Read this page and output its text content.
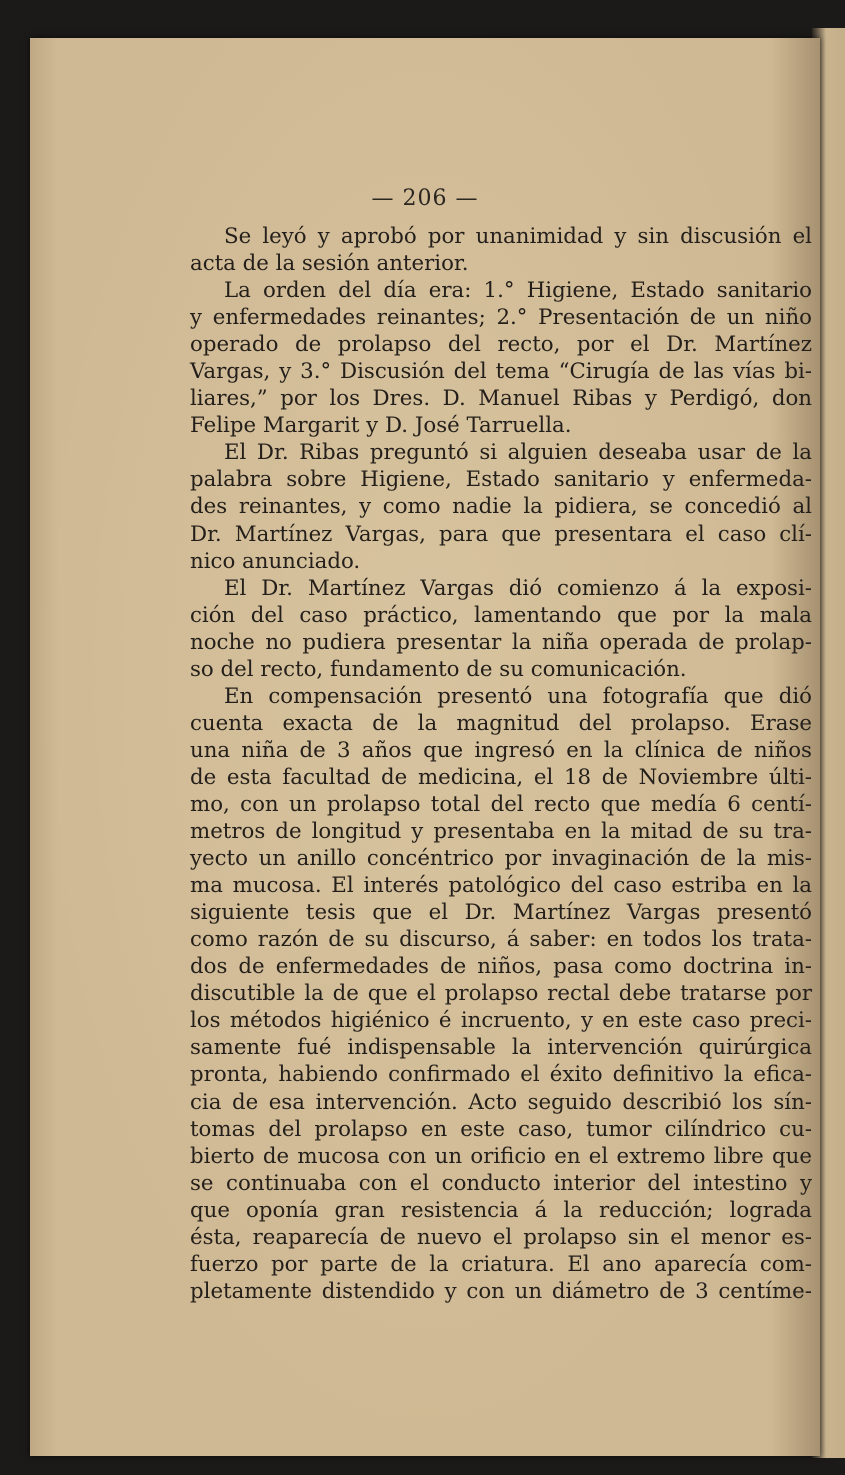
— 206 —
Se leyó y aprobó por unanimidad y sin discusión el
acta de la sesión anterior.
La orden del día era: 1.° Higiene, Estado sanitario
y enfermedades reinantes; 2.° Presentación de un niño
operado de prolapso del recto, por el Dr. Martínez
Vargas, y 3.° Discusión del tema “Cirugía de las vías bi-
liares,” por los Dres. D. Manuel Ribas y Perdigó, don
Felipe Margarit y D. José Tarruella.
El Dr. Ribas preguntó si alguien deseaba usar de la
palabra sobre Higiene, Estado sanitario y enfermeda-
des reinantes, y como nadie la pidiera, se concedió al
Dr. Martínez Vargas, para que presentara el caso clí-
nico anunciado.
El Dr. Martínez Vargas dió comienzo á la exposi-
ción del caso práctico, lamentando que por la mala
noche no pudiera presentar la niña operada de prolap-
so del recto, fundamento de su comunicación.
En compensación presentó una fotografía que dió
cuenta exacta de la magnitud del prolapso. Erase
una niña de 3 años que ingresó en la clínica de niños
de esta facultad de medicina, el 18 de Noviembre últi-
mo, con un prolapso total del recto que medía 6 centí-
metros de longitud y presentaba en la mitad de su tra-
yecto un anillo concéntrico por invaginación de la mis-
ma mucosa. El interés patológico del caso estriba en la
siguiente tesis que el Dr. Martínez Vargas presentó
como razón de su discurso, á saber: en todos los trata-
dos de enfermedades de niños, pasa como doctrina in-
discutible la de que el prolapso rectal debe tratarse por
los métodos higiénico é incruento, y en este caso preci-
samente fué indispensable la intervención quirúrgica
pronta, habiendo confirmado el éxito definitivo la efica-
cia de esa intervención. Acto seguido describió los sín-
tomas del prolapso en este caso, tumor cilíndrico cu-
bierto de mucosa con un orificio en el extremo libre que
se continuaba con el conducto interior del intestino y
que oponía gran resistencia á la reducción; lograda
ésta, reaparecía de nuevo el prolapso sin el menor es-
fuerzo por parte de la criatura. El ano aparecía com-
pletamente distendido y con un diámetro de 3 centíme-
